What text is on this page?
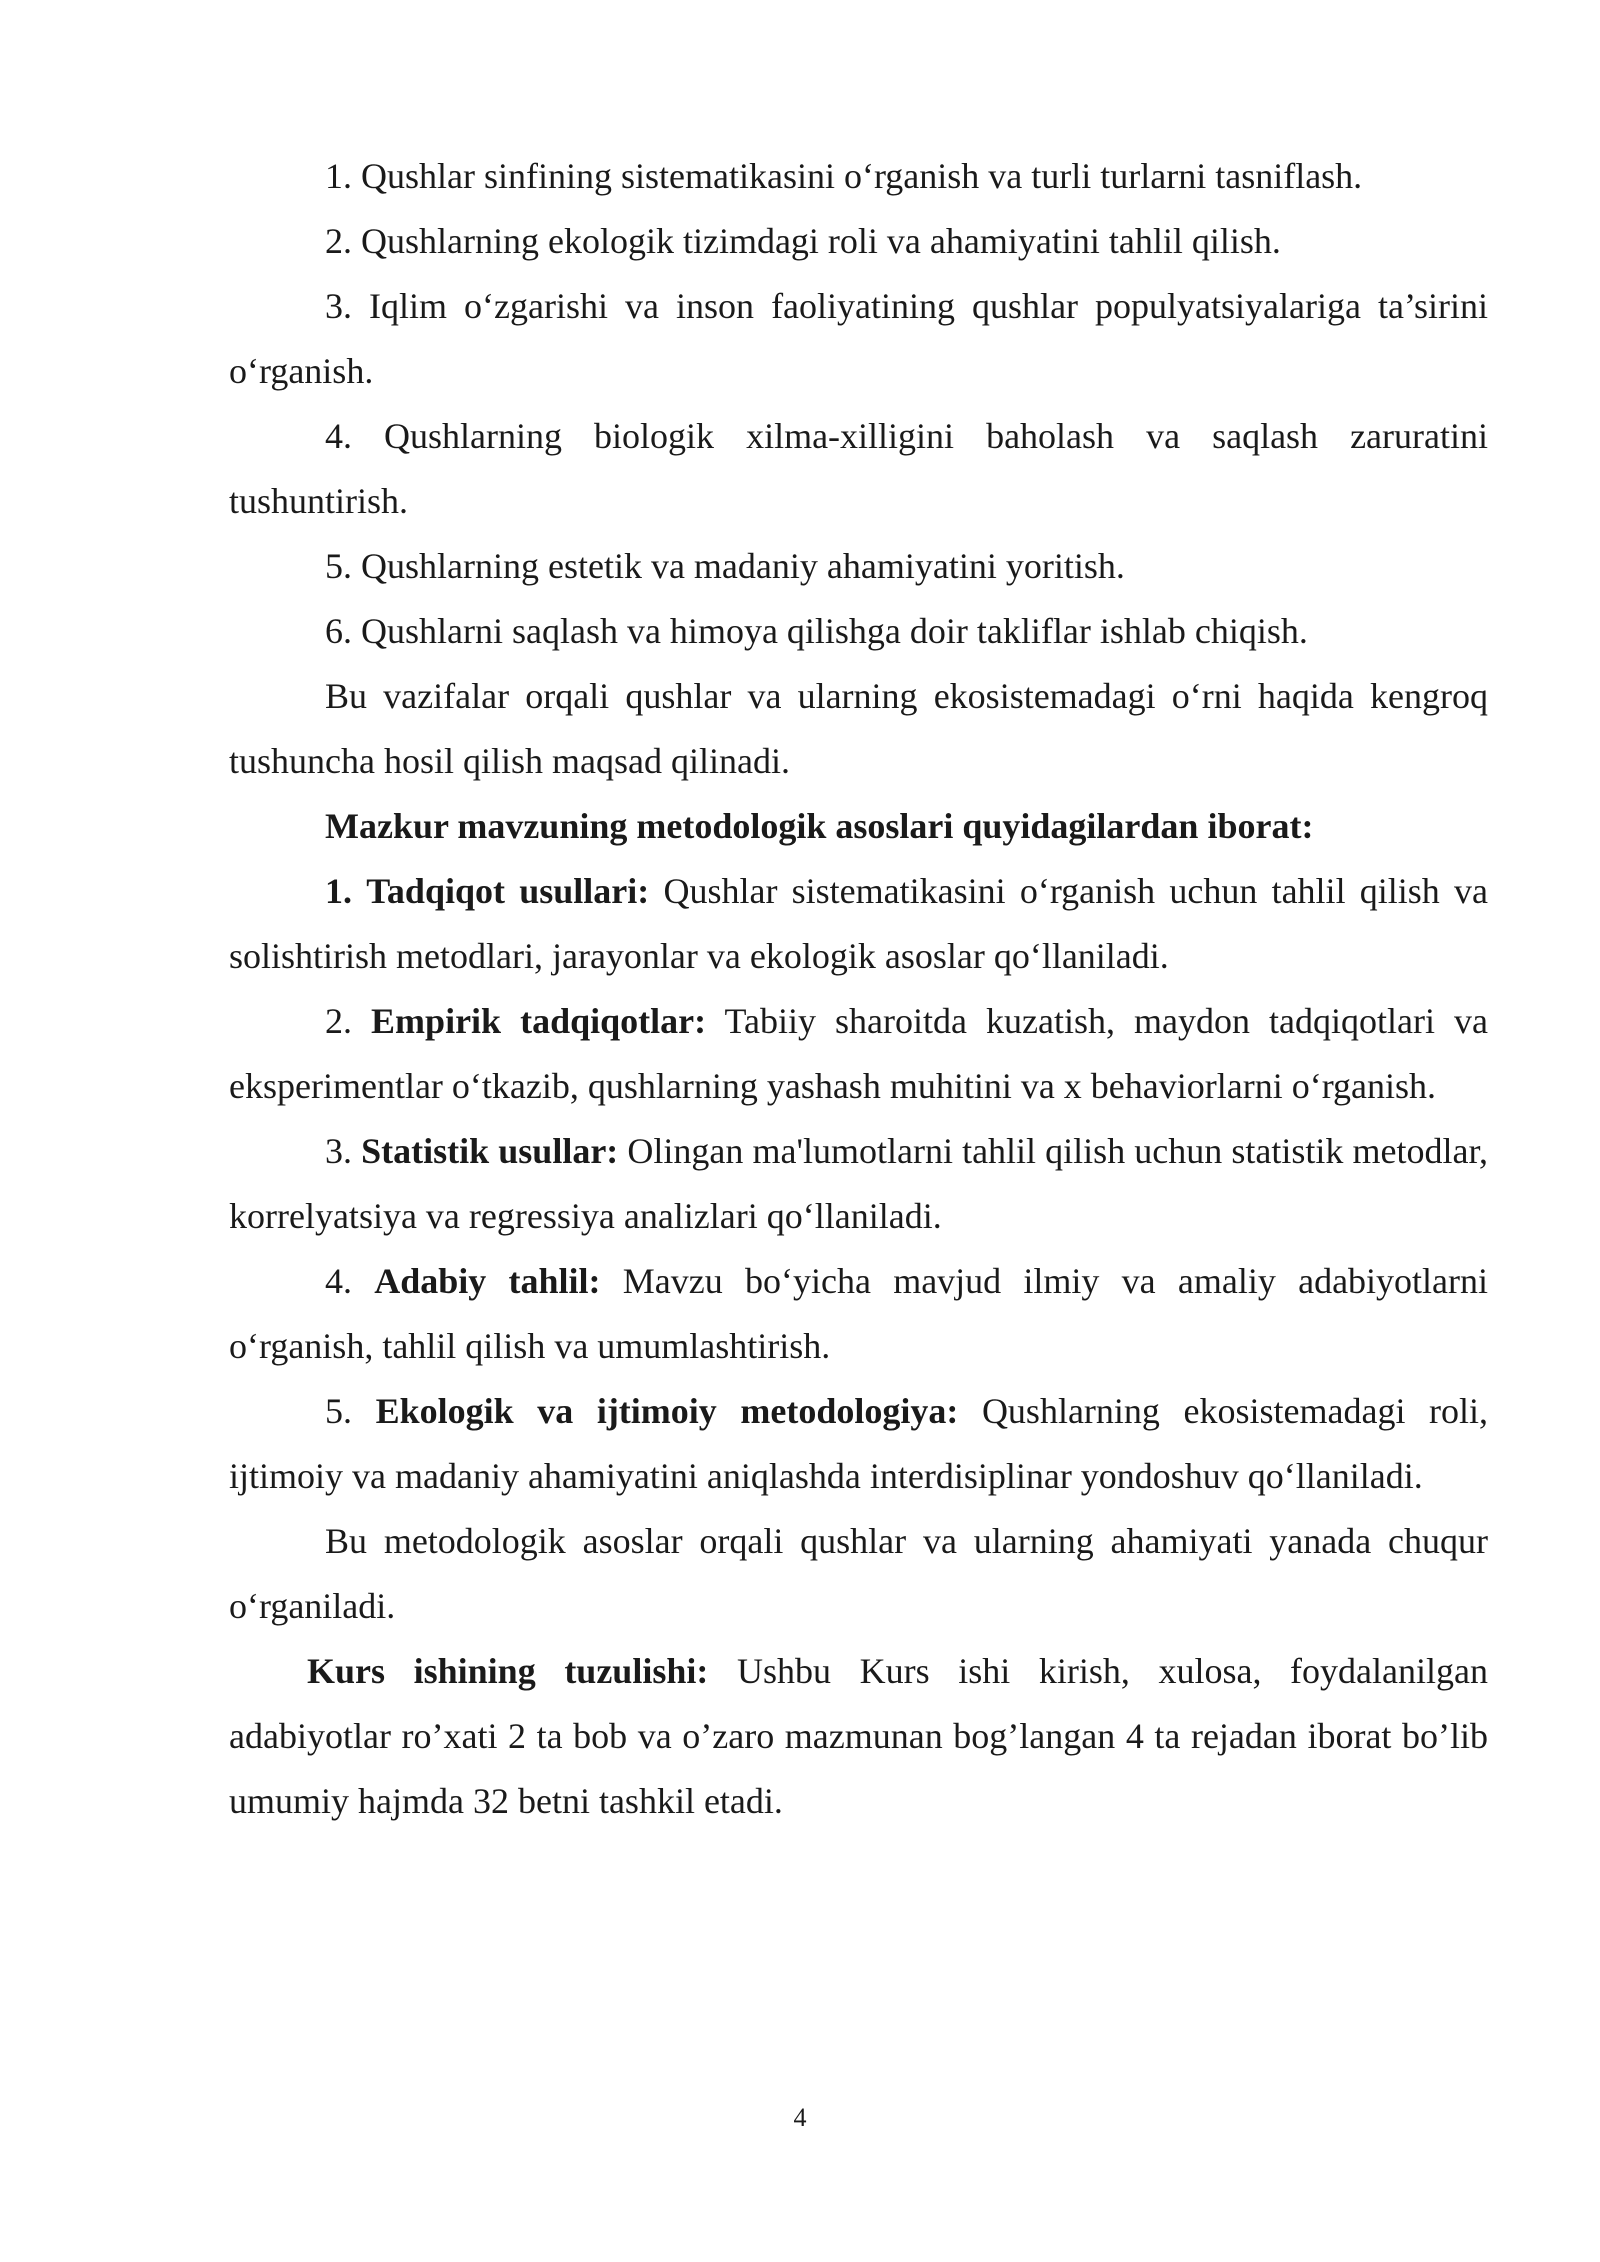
1. Qushlar sinfining sistematikasini o‘rganish va turli turlarni tasniflash.

2. Qushlarning ekologik tizimdagi roli va ahamiyatini tahlil qilish.

3. Iqlim o‘zgarishi va inson faoliyatining qushlar populyatsiyalariga ta’sirini o‘rganish.

4. Qushlarning biologik xilma-xilligini baholash va saqlash zaruratini tushuntirish.

5. Qushlarning estetik va madaniy ahamiyatini yoritish.

6. Qushlarni saqlash va himoya qilishga doir takliflar ishlab chiqish.

Bu vazifalar orqali qushlar va ularning ekosistemadagi o‘rni haqida kengroq tushuncha hosil qilish maqsad qilinadi.

Mazkur mavzuning metodologik asoslari quyidagilardan iborat:

1. Tadqiqot usullari: Qushlar sistematikasini o‘rganish uchun tahlil qilish va solishtirish metodlari, jarayonlar va ekologik asoslar qo‘llaniladi.

2. Empirik tadqiqotlar: Tabiiy sharoitda kuzatish, maydon tadqiqotlari va eksperimentlar o‘tkazib, qushlarning yashash muhitini va x behaviorlarni o‘rganish.

3. Statistik usullar: Olingan ma'lumotlarni tahlil qilish uchun statistik metodlar, korrelyatsiya va regressiya analizlari qo‘llaniladi.

4. Adabiy tahlil: Mavzu bo‘yicha mavjud ilmiy va amaliy adabiyotlarni o‘rganish, tahlil qilish va umumlashtirish.

5. Ekologik va ijtimoiy metodologiya: Qushlarning ekosistemadagi roli, ijtimoiy va madaniy ahamiyatini aniqlashda interdisiplinar yondoshuv qo‘llaniladi.

Bu metodologik asoslar orqali qushlar va ularning ahamiyati yanada chuqur o‘rganiladi.

Kurs ishining tuzulishi: Ushbu Kurs ishi kirish, xulosa, foydalanilgan adabiyotlar ro’xati 2 ta bob va o’zaro mazmunan bog’langan 4 ta rejadan iborat bo’lib umumiy hajmda 32 betni tashkil etadi.

4
